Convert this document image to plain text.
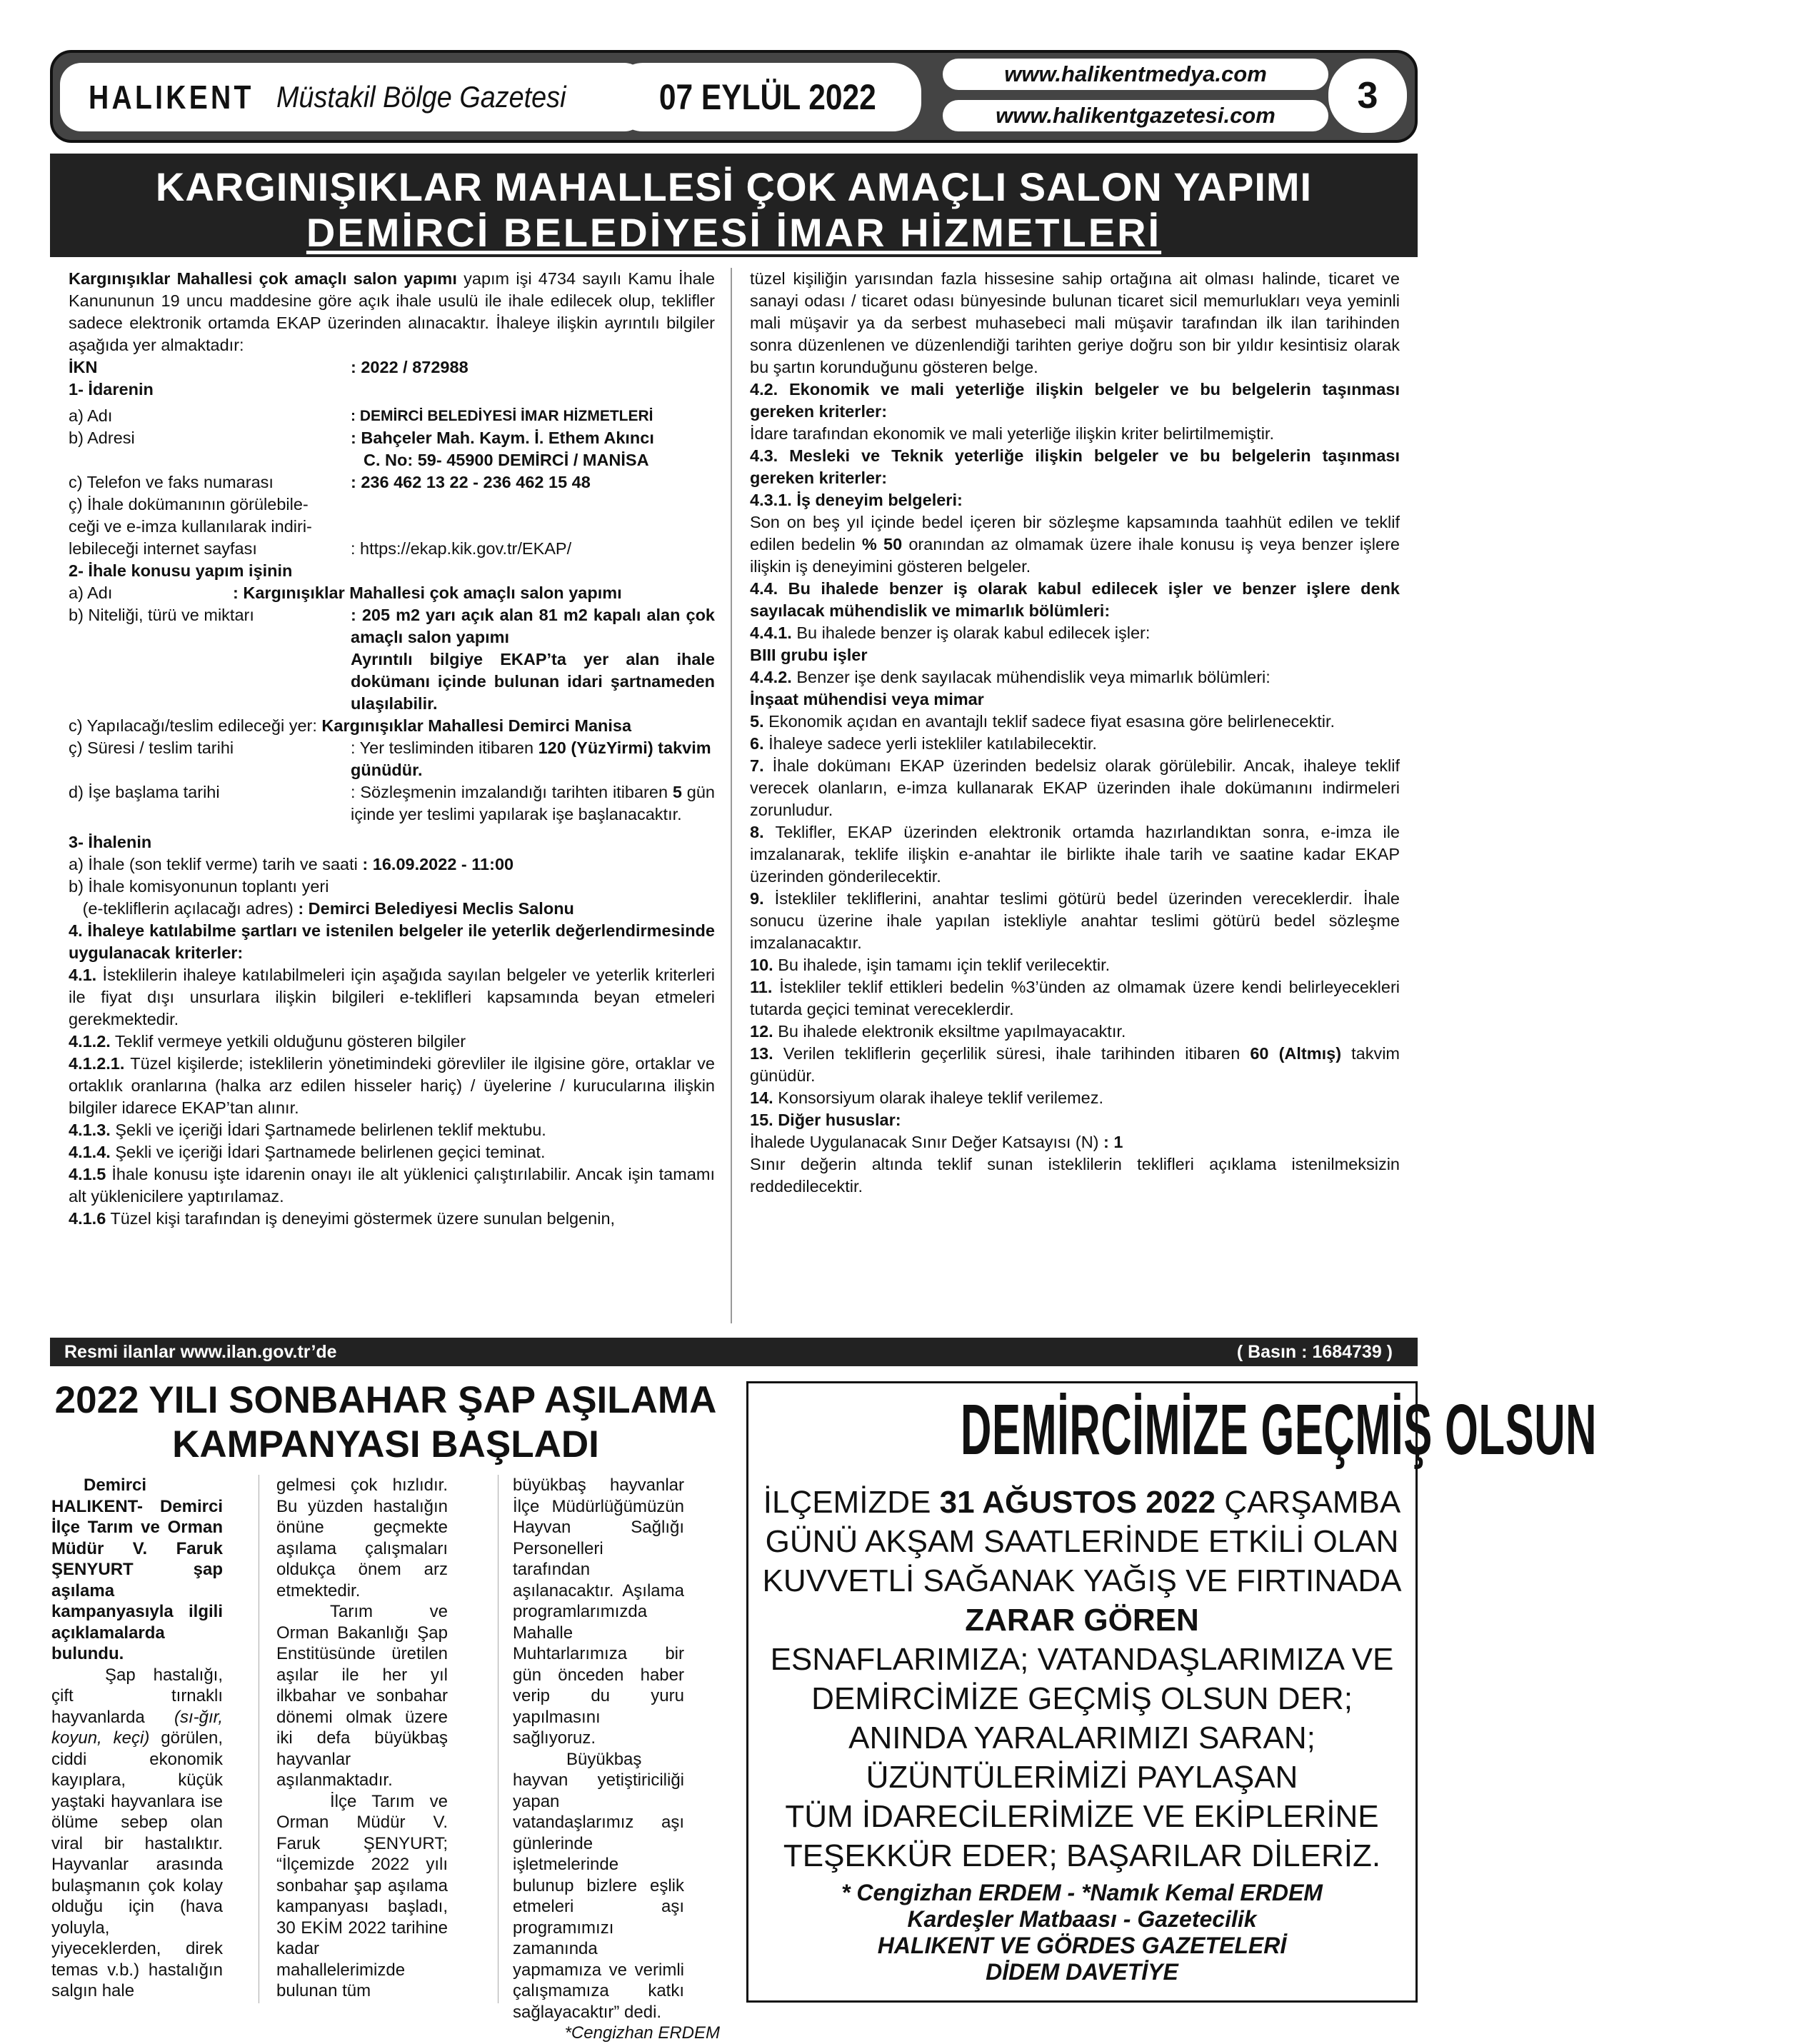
HALIKENT Müstakil Bölge Gazetesi	07 EYLÜL 2022
www.halikentmedya.com
www.halikentgazetesi.com	3
KARGINIŞIKLAR MAHALLESİ ÇOK AMAÇLI SALON YAPIMI
DEMİRCİ BELEDİYESİ İMAR HİZMETLERİ

Kargınışıklar Mahallesi çok amaçlı salon yapımı yapım işi 4734 sayılı Kamu İhale Kanununun 19 uncu maddesine göre açık ihale usulü ile ihale edilecek olup, teklifler sadece elektronik ortamda EKAP üzerinden alınacaktır. İhaleye ilişkin ayrıntılı bilgiler aşağıda yer almaktadır:

İKN	: 2022 / 872988

1- İdarenin

a) Adı	: DEMİRCİ BELEDİYESİ İMAR HİZMETLERİ
b) Adresi	: Bahçeler Mah. Kaym. İ. Ethem Akıncı
C. No: 59- 45900 DEMİRCİ / MANİSA
c) Telefon ve faks numarası	: 236 462 13 22 - 236 462 15 48
ç) İhale dokümanının görülebile-
ceği ve e-imza kullanılarak indiri-
lebileceği internet sayfası	: https://ekap.kik.gov.tr/EKAP/

2- İhale konusu yapım işinin

a) Adı	: Kargınışıklar Mahallesi çok amaçlı salon yapımı
b) Niteliği, türü ve miktarı	: 205 m2 yarı açık alan 81 m2 kapalı alan çok amaçlı salon yapımı
Ayrıntılı bilgiye EKAP’ta yer alan ihale dokümanı içinde bulunan idari şartnameden ulaşılabilir.
c) Yapılacağı/teslim edileceği yer: Kargınışıklar Mahallesi Demirci Manisa
ç) Süresi / teslim tarihi	: Yer tesliminden itibaren 120 (YüzYirmi) takvim günüdür.
d) İşe başlama tarihi	: Sözleşmenin imzalandığı tarihten itibaren 5 gün içinde yer teslimi yapılarak işe başlanacaktır.

3- İhalenin

a) İhale (son teklif verme) tarih ve saati : 16.09.2022 - 11:00
b) İhale komisyonunun toplantı yeri
(e-tekliflerin açılacağı adres) : Demirci Belediyesi Meclis Salonu

4. İhaleye katılabilme şartları ve istenilen belgeler ile yeterlik değerlendirmesinde uygulanacak kriterler:

4.1. İsteklilerin ihaleye katılabilmeleri için aşağıda sayılan belgeler ve yeterlik kriterleri ile fiyat dışı unsurlara ilişkin bilgileri e-teklifleri kapsamında beyan etmeleri gerekmektedir.

4.1.2. Teklif vermeye yetkili olduğunu gösteren bilgiler

4.1.2.1. Tüzel kişilerde; isteklilerin yönetimindeki görevliler ile ilgisine göre, ortaklar ve ortaklık oranlarına (halka arz edilen hisseler hariç) / üyelerine / kurucularına ilişkin bilgiler idarece EKAP’tan alınır.

4.1.3. Şekli ve içeriği İdari Şartnamede belirlenen teklif mektubu.

4.1.4. Şekli ve içeriği İdari Şartnamede belirlenen geçici teminat.

4.1.5 İhale konusu işte idarenin onayı ile alt yüklenici çalıştırılabilir. Ancak işin tamamı alt yüklenicilere yaptırılamaz.

4.1.6 Tüzel kişi tarafından iş deneyimi göstermek üzere sunulan belgenin,

tüzel kişiliğin yarısından fazla hissesine sahip ortağına ait olması halinde, ticaret ve sanayi odası / ticaret odası bünyesinde bulunan ticaret sicil memurlukları veya yeminli mali müşavir ya da serbest muhasebeci mali müşavir tarafından ilk ilan tarihinden sonra düzenlenen ve düzenlendiği tarihten geriye doğru son bir yıldır kesintisiz olarak bu şartın korunduğunu gösteren belge.

4.2. Ekonomik ve mali yeterliğe ilişkin belgeler ve bu belgelerin taşınması gereken kriterler:

İdare tarafından ekonomik ve mali yeterliğe ilişkin kriter belirtilmemiştir.

4.3. Mesleki ve Teknik yeterliğe ilişkin belgeler ve bu belgelerin taşınması gereken kriterler:

4.3.1. İş deneyim belgeleri:

Son on beş yıl içinde bedel içeren bir sözleşme kapsamında taahhüt edilen ve teklif edilen bedelin % 50 oranından az olmamak üzere ihale konusu iş veya benzer işlere ilişkin iş deneyimini gösteren belgeler.

4.4. Bu ihalede benzer iş olarak kabul edilecek işler ve benzer işlere denk sayılacak mühendislik ve mimarlık bölümleri:

4.4.1. Bu ihalede benzer iş olarak kabul edilecek işler:

BIII grubu işler

4.4.2. Benzer işe denk sayılacak mühendislik veya mimarlık bölümleri:

İnşaat mühendisi veya mimar

5. Ekonomik açıdan en avantajlı teklif sadece fiyat esasına göre belirlenecektir.

6. İhaleye sadece yerli istekliler katılabilecektir.

7. İhale dokümanı EKAP üzerinden bedelsiz olarak görülebilir. Ancak, ihaleye teklif verecek olanların, e-imza kullanarak EKAP üzerinden ihale dokümanını indirmeleri zorunludur.

8. Teklifler, EKAP üzerinden elektronik ortamda hazırlandıktan sonra, e-imza ile imzalanarak, teklife ilişkin e-anahtar ile birlikte ihale tarih ve saatine kadar EKAP üzerinden gönderilecektir.

9. İstekliler tekliflerini, anahtar teslimi götürü bedel üzerinden vereceklerdir. İhale sonucu üzerine ihale yapılan istekliyle anahtar teslimi götürü bedel sözleşme imzalanacaktır.

10. Bu ihalede, işin tamamı için teklif verilecektir.

11. İstekliler teklif ettikleri bedelin %3’ünden az olmamak üzere kendi belirleyecekleri tutarda geçici teminat vereceklerdir.

12. Bu ihalede elektronik eksiltme yapılmayacaktır.

13. Verilen tekliflerin geçerlilik süresi, ihale tarihinden itibaren 60 (Altmış) takvim günüdür.

14. Konsorsiyum olarak ihaleye teklif verilemez.

15. Diğer hususlar:

İhalede Uygulanacak Sınır Değer Katsayısı (N) : 1

Sınır değerin altında teklif sunan isteklilerin teklifleri açıklama istenilmeksizin reddedilecektir.

Resmi ilanlar www.ilan.gov.tr’de	( Basın : 1684739 )
2022 YILI SONBAHAR ŞAP AŞILAMA
KAMPANYASI BAŞLADI

Demirci HALIKENT- Demirci İlçe Tarım ve Orman Müdür V. Faruk ŞENYURT şap aşılama kampanyasıyla ilgili açıklamalarda bulundu.

Şap hastalığı, çift tırnaklı hayvanlarda (sı-ğır, koyun, keçi) görülen, ciddi ekonomik kayıplara, küçük yaştaki hayvanlara ise ölüme sebep olan viral bir hastalıktır. Hayvanlar arasında bulaşmanın çok kolay olduğu için (hava yoluyla, yiyeceklerden, direk temas v.b.) hastalığın salgın hale

gelmesi çok hızlıdır. Bu yüzden hastalığın önüne geçmekte aşılama çalışmaları oldukça önem arz etmektedir.

Tarım ve Orman Bakanlığı Şap Enstitüsünde üretilen aşılar ile her yıl ilkbahar ve sonbahar dönemi olmak üzere iki defa büyükbaş hayvanlar aşılanmaktadır.

İlçe Tarım ve Orman Müdür V. Faruk ŞENYURT; “İlçemizde 2022 yılı sonbahar şap aşılama kampanyası başladı, 30 EKİM 2022 tarihine kadar mahallelerimizde bulunan tüm

büyükbaş hayvanlar İlçe Müdürlüğümüzün Hayvan Sağlığı Personelleri tarafından aşılanacaktır. Aşılama programlarımızda Mahalle Muhtarlarımıza bir gün önceden haber verip du yuru yapılmasını sağlıyoruz.

Büyükbaş hayvan yetiştiriciliği yapan vatandaşlarımız aşı günlerinde işletmelerinde bulunup bizlere eşlik etmeleri aşı programımızı zamanında yapmamıza ve verimli çalışmamıza katkı sağlayacaktır” dedi.

*Cengizhan ERDEM

DEMİRCİMİZE GEÇMİŞ OLSUN
İLÇEMİZDE 31 AĞUSTOS 2022 ÇARŞAMBA
GÜNÜ AKŞAM SAATLERİNDE ETKİLİ OLAN
KUVVETLİ SAĞANAK YAĞIŞ VE FIRTINADA
ZARAR GÖREN
ESNAFLARIMIZA; VATANDAŞLARIMIZA VE
DEMİRCİMİZE GEÇMİŞ OLSUN DER;
ANINDA YARALARIMIZI SARAN;
ÜZÜNTÜLERİMİZİ PAYLAŞAN
TÜM İDARECİLERİMİZE VE EKİPLERİNE
TEŞEKKÜR EDER; BAŞARILAR DİLERİZ.
* Cengizhan ERDEM - *Namık Kemal ERDEM
Kardeşler Matbaası - Gazetecilik
HALIKENT VE GÖRDES GAZETELERİ
DİDEM DAVETİYE
